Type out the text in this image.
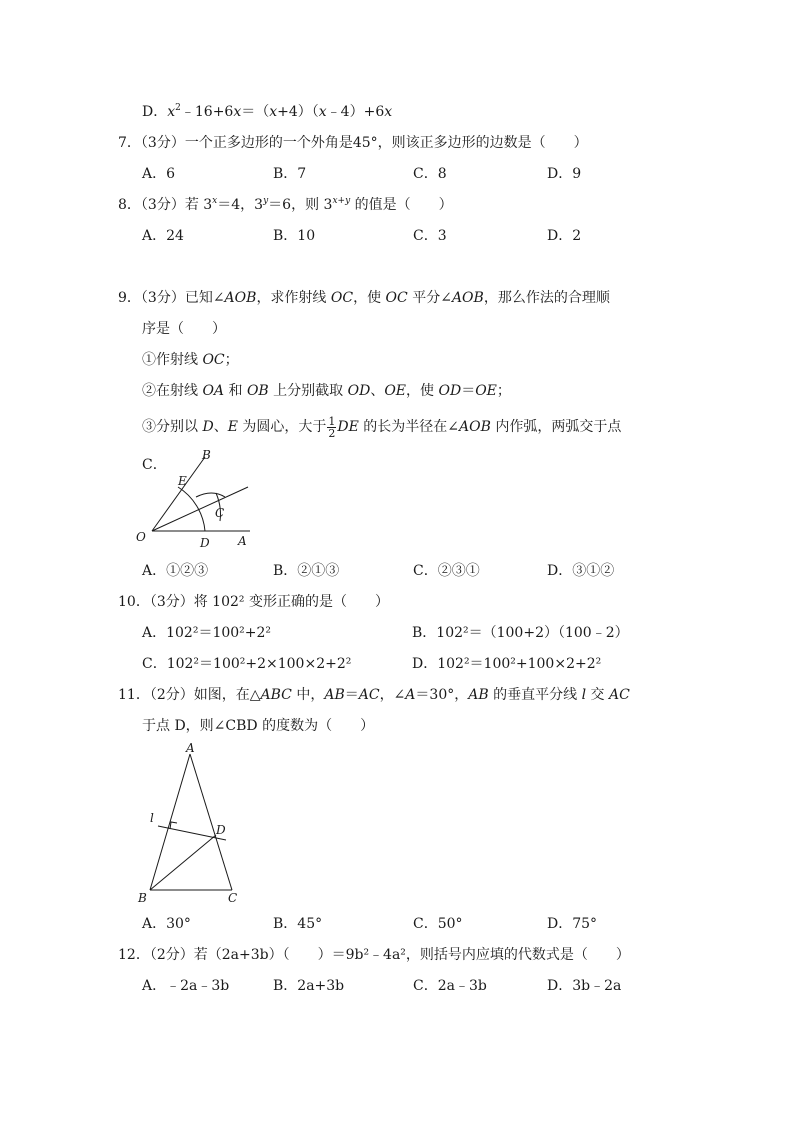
D．$x^2﹣16+6x=(x+4)(x﹣4)+6x$
7．（3分）一个正多边形的一个外角是45°，则该正多边形的边数是（　　）
A．6	B．7	C．8	D．9
8．（3分）若 $3^x=4$，$3^y=6$，则 $3^{x+y}$ 的值是（　　）
A．24	B．10	C．3	D．2
9．（3分）已知∠AOB，求作射线 OC，使 OC 平分∠AOB，那么作法的合理顺
序是（　　）
①作射线 OC；
②在射线 OA 和 OB 上分别截取 OD、OE，使 OD＝OE；
③分别以 D、E 为圆心，大于 $\frac{1}{2}$ DE 的长为半径在∠AOB 内作弧，两弧交于点
C．
B
E
C
O	D A
A．①②③	B．②①③	C．②③①	D．③①②
10．（3分）将 102² 变形正确的是（　　）
A．102²＝100²+2²	B．102²＝（100+2）（100﹣2）
C．102²＝100²+2×100×2+2²	D．102²＝100²+100×2+2²
11．（2分）如图，在△ABC 中，AB＝AC，∠A＝30°，AB 的垂直平分线 l 交 AC
于点 D，则∠CBD 的度数为（　　）
A
l
D
B	C
A．30°	B．45°	C．50°	D．75°
12．（2分）若（2a+3b）（　　）＝9b²﹣4a²，则括号内应填的代数式是（　　）
A．﹣2a﹣3b	B．2a+3b	C．2a﹣3b	D．3b﹣2a
